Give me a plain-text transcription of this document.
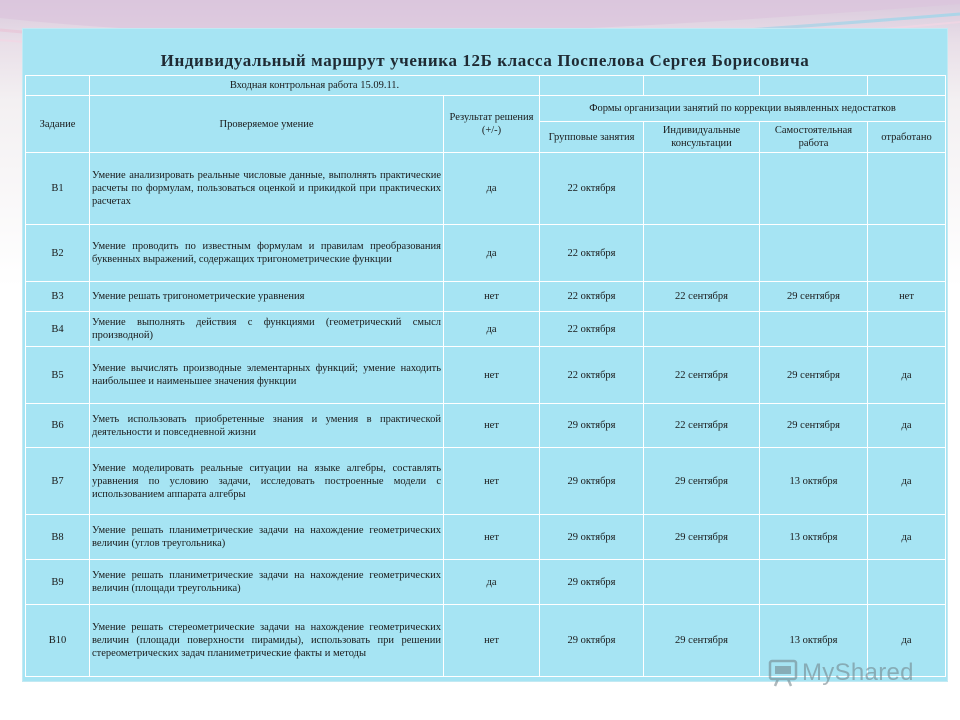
Индивидуальный маршрут ученика 12Б класса Поспелова Сергея Борисовича
	Входная контрольная работа 15.09.11.					
Задание	Проверяемое умение	Результат решения (+/-)	Формы организации занятий по коррекции выявленных недостатков			
			Групповые занятия	Индивидуальные консультации	Самостоятельная работа	отработано
В1	Умение анализировать реальные числовые данные, выполнять практические расчеты по формулам, пользоваться оценкой и прикидкой при практических расчетах	да	22 октября			
В2	Умение проводить по известным формулам и правилам преобразования буквенных выражений, содержащих тригонометрические функции	да	22 октября			
В3	Умение решать тригонометрические уравнения	нет	22 октября	22 сентября	29 сентября	нет
В4	Умение выполнять действия с функциями (геометрический смысл производной)	да	22 октября			
В5	Умение вычислять производные элементарных функций; умение находить наибольшее и наименьшее значения функции	нет	22 октября	22 сентября	29 сентября	да
В6	Уметь использовать приобретенные знания и умения в практической деятельности и повседневной жизни	нет	29 октября	22 сентября	29 сентября	да
В7	Умение моделировать реальные ситуации на языке алгебры, составлять уравнения по условию задачи, исследовать построенные модели с использованием аппарата алгебры	нет	29 октября	29 сентября	13 октября	да
В8	Умение решать планиметрические задачи на нахождение геометрических величин (углов треугольника)	нет	29 октября	29 сентября	13 октября	да
В9	Умение решать планиметрические задачи на нахождение геометрических величин (площади треугольника)	да	29 октября			
В10	Умение решать стереометрические задачи на нахождение геометрических величин (площади поверхности пирамиды), использовать при решении стереометрических задач планиметрические факты и методы	нет	29 октября	29 сентября	13 октября	да
MyShared
